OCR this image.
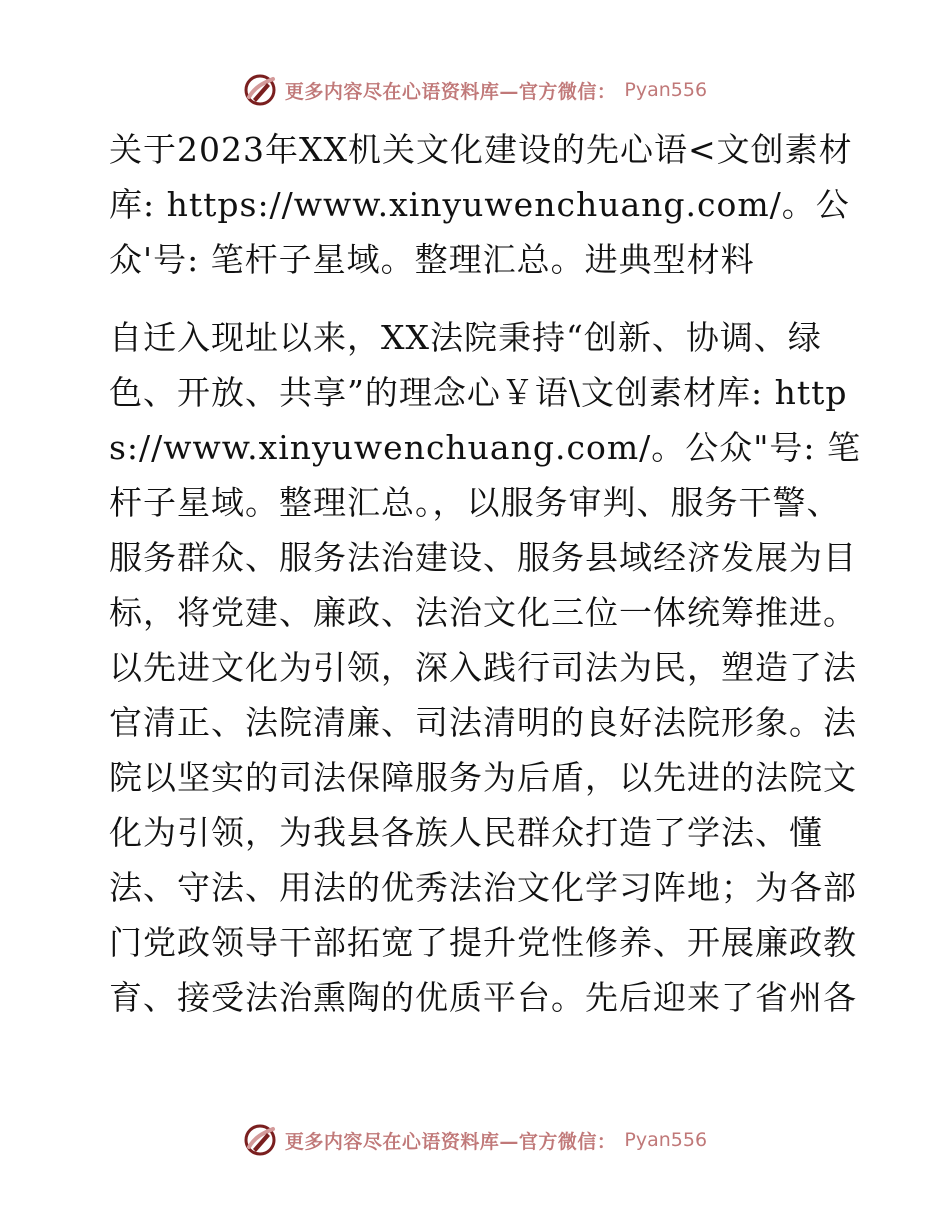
更多内容尽在心语资料库—官方微信： Pyan556

关于2023年XX机关文化建设的先心语<文创素材库: https://www.xinyuwenchuang.com/。公众'号: 笔杆子星域。整理汇总。进典型材料

自迁入现址以来，XX法院秉持“创新、协调、绿色、开放、共享”的理念心￥语\文创素材库: https://www.xinyuwenchuang.com/。公众"号: 笔杆子星域。整理汇总。，以服务审判、服务干警、服务群众、服务法治建设、服务县域经济发展为目标，将党建、廉政、法治文化三位一体统筹推进。以先进文化为引领，深入践行司法为民，塑造了法官清正、法院清廉、司法清明的良好法院形象。法院以坚实的司法保障服务为后盾，以先进的法院文化为引领，为我县各族人民群众打造了学法、懂法、守法、用法的优秀法治文化学习阵地；为各部门党政领导干部拓宽了提升党性修养、开展廉政教育、接受法治熏陶的优质平台。先后迎来了省州各

更多内容尽在心语资料库—官方微信： Pyan556
